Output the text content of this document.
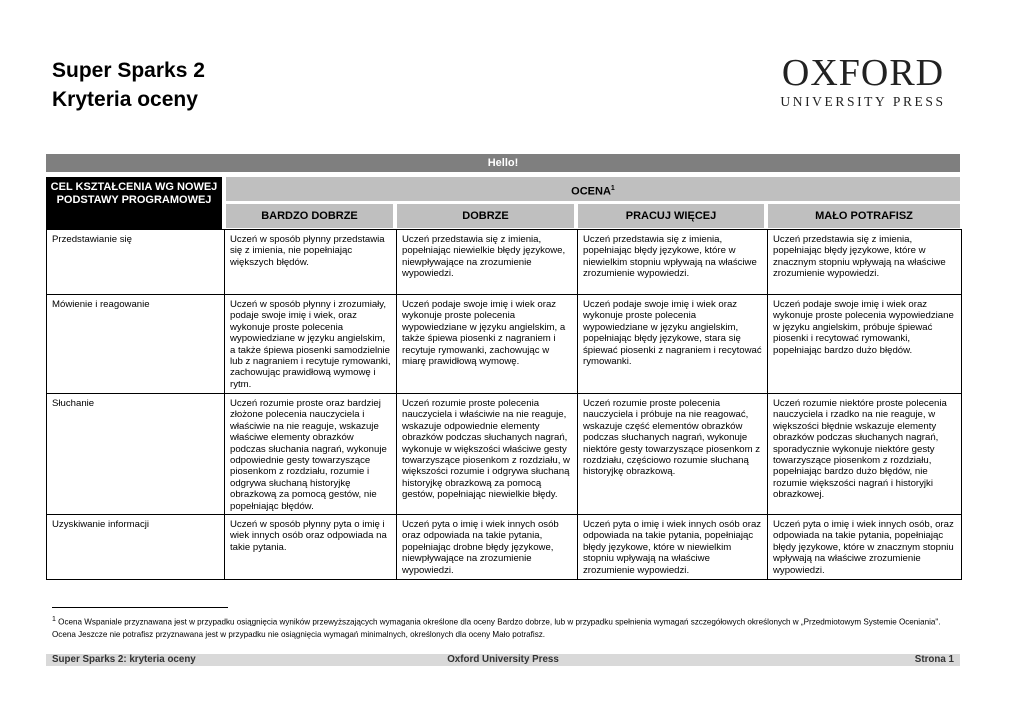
Super Sparks 2
Kryteria oceny
OXFORD
UNIVERSITY PRESS
Hello!
CEL KSZTAŁCENIA WG NOWEJ PODSTAWY PROGRAMOWEJ
OCENA$^1$
BARDZO DOBRZE	DOBRZE	PRACUJ WIĘCEJ	MAŁO POTRAFISZ
Przedstawianie się	Uczeń w sposób płynny przedstawia się z imienia, nie popełniając większych błędów.
Uczeń przedstawia się z imienia, popełniając niewielkie błędy językowe, niewpływające na zrozumienie wypowiedzi.
Uczeń przedstawia się z imienia, popełniając błędy językowe, które w niewielkim stopniu wpływają na właściwe zrozumienie wypowiedzi.
Uczeń przedstawia się z imienia, popełniając błędy językowe, które w znacznym stopniu wpływają na właściwe zrozumienie wypowiedzi.
Mówienie i reagowanie	Uczeń w sposób płynny i zrozumiały, podaje swoje imię i wiek, oraz wykonuje proste polecenia wypowiedziane w języku angielskim, a także śpiewa piosenki samodzielnie lub z nagraniem i recytuje rymowanki, zachowując prawidłową wymowę i rytm.
Uczeń podaje swoje imię i wiek oraz wykonuje proste polecenia wypowiedziane w języku angielskim, a także śpiewa piosenki z nagraniem i recytuje rymowanki, zachowując w miarę prawidłową wymowę.
Uczeń podaje swoje imię i wiek oraz wykonuje proste polecenia wypowiedziane w języku angielskim, popełniając błędy językowe, stara się śpiewać piosenki z nagraniem i recytować rymowanki.
Uczeń podaje swoje imię i wiek oraz wykonuje proste polecenia wypowiedziane w języku angielskim, próbuje śpiewać piosenki i recytować rymowanki, popełniając bardzo dużo błędów.
Słuchanie	Uczeń rozumie proste oraz bardziej złożone polecenia nauczyciela i właściwie na nie reaguje, wskazuje właściwe elementy obrazków podczas słuchania nagrań, wykonuje odpowiednie gesty towarzyszące piosenkom z rozdziału, rozumie i odgrywa słuchaną historyjkę obrazkową za pomocą gestów, nie popełniając błędów.
Uczeń rozumie proste polecenia nauczyciela i właściwie na nie reaguje, wskazuje odpowiednie elementy obrazków podczas słuchanych nagrań, wykonuje w większości właściwe gesty towarzyszące piosenkom z rozdziału, w większości rozumie i odgrywa słuchaną historyjkę obrazkową za pomocą gestów, popełniając niewielkie błędy.
Uczeń rozumie proste polecenia nauczyciela i próbuje na nie reagować, wskazuje część elementów obrazków podczas słuchanych nagrań, wykonuje niektóre gesty towarzyszące piosenkom z rozdziału, częściowo rozumie słuchaną historyjkę obrazkową.
Uczeń rozumie niektóre proste polecenia nauczyciela i rzadko na nie reaguje, w większości błędnie wskazuje elementy obrazków podczas słuchanych nagrań, sporadycznie wykonuje niektóre gesty towarzyszące piosenkom z rozdziału, popełniając bardzo dużo błędów, nie rozumie większości nagrań i historyjki obrazkowej.
Uzyskiwanie informacji	Uczeń w sposób płynny pyta o imię i wiek innych osób oraz odpowiada na takie pytania.
Uczeń pyta o imię i wiek innych osób oraz odpowiada na takie pytania, popełniając drobne błędy językowe, niewpływające na zrozumienie wypowiedzi.
Uczeń pyta o imię i wiek innych osób oraz odpowiada na takie pytania, popełniając błędy językowe, które w niewielkim stopniu wpływają na właściwe zrozumienie wypowiedzi.
Uczeń pyta o imię i wiek innych osób, oraz odpowiada na takie pytania, popełniając błędy językowe, które w znacznym stopniu wpływają na właściwe zrozumienie wypowiedzi.
$^1$ Ocena Wspaniale przyznawana jest w przypadku osiągnięcia wyników przewyższających wymagania określone dla oceny Bardzo dobrze, lub w przypadku spełnienia wymagań szczegółowych określonych w „Przedmiotowym Systemie Oceniania". Ocena Jeszcze nie potrafisz przyznawana jest w przypadku nie osiągnięcia wymagań minimalnych, określonych dla oceny Mało potrafisz.
Super Sparks 2: kryteria oceny	Oxford University Press	Strona 1
